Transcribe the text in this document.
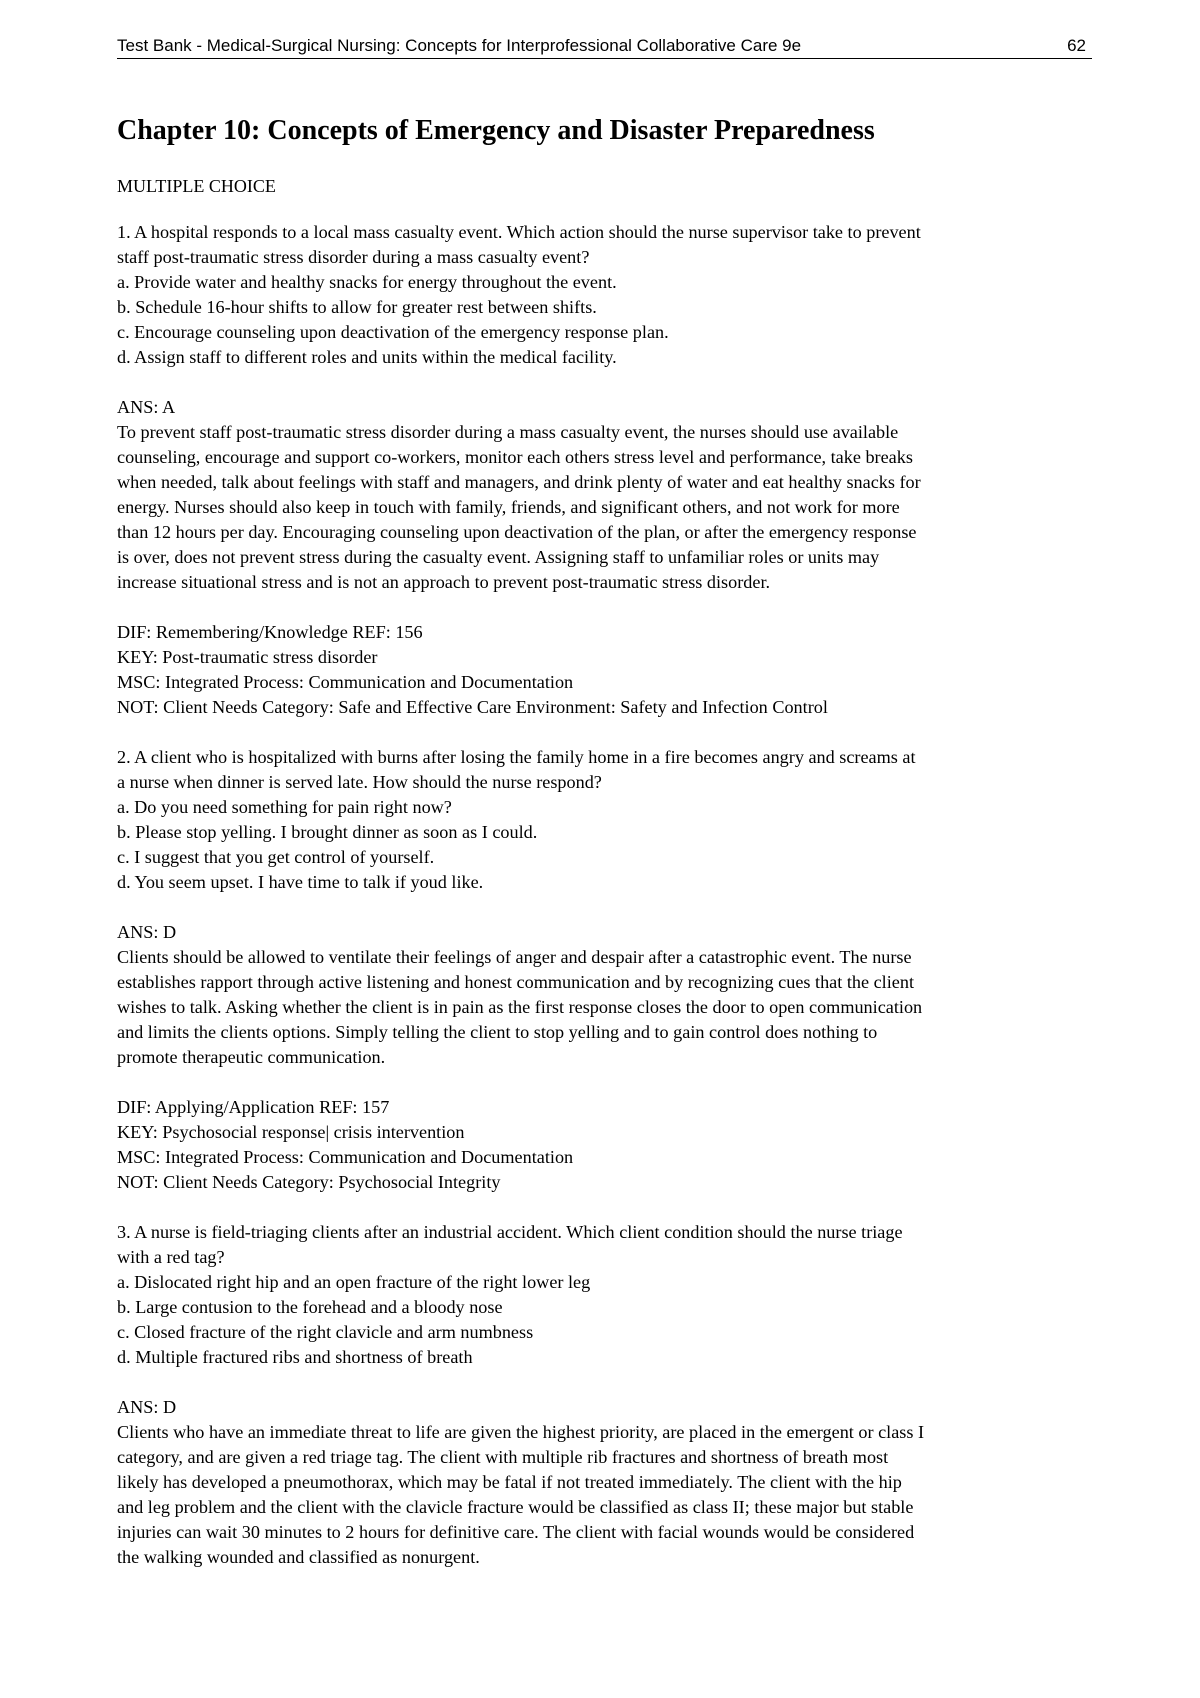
Test Bank - Medical-Surgical Nursing: Concepts for Interprofessional Collaborative Care 9e	62
Chapter 10: Concepts of Emergency and Disaster Preparedness
MULTIPLE CHOICE
1. A hospital responds to a local mass casualty event. Which action should the nurse supervisor take to prevent
staff post-traumatic stress disorder during a mass casualty event?
a. Provide water and healthy snacks for energy throughout the event.
b. Schedule 16-hour shifts to allow for greater rest between shifts.
c. Encourage counseling upon deactivation of the emergency response plan.
d. Assign staff to different roles and units within the medical facility.
ANS: A
To prevent staff post-traumatic stress disorder during a mass casualty event, the nurses should use available
counseling, encourage and support co-workers, monitor each others stress level and performance, take breaks
when needed, talk about feelings with staff and managers, and drink plenty of water and eat healthy snacks for
energy. Nurses should also keep in touch with family, friends, and significant others, and not work for more
than 12 hours per day. Encouraging counseling upon deactivation of the plan, or after the emergency response
is over, does not prevent stress during the casualty event. Assigning staff to unfamiliar roles or units may
increase situational stress and is not an approach to prevent post-traumatic stress disorder.
DIF: Remembering/Knowledge REF: 156
KEY: Post-traumatic stress disorder
MSC: Integrated Process: Communication and Documentation
NOT: Client Needs Category: Safe and Effective Care Environment: Safety and Infection Control
2. A client who is hospitalized with burns after losing the family home in a fire becomes angry and screams at
a nurse when dinner is served late. How should the nurse respond?
a. Do you need something for pain right now?
b. Please stop yelling. I brought dinner as soon as I could.
c. I suggest that you get control of yourself.
d. You seem upset. I have time to talk if youd like.
ANS: D
Clients should be allowed to ventilate their feelings of anger and despair after a catastrophic event. The nurse
establishes rapport through active listening and honest communication and by recognizing cues that the client
wishes to talk. Asking whether the client is in pain as the first response closes the door to open communication
and limits the clients options. Simply telling the client to stop yelling and to gain control does nothing to
promote therapeutic communication.
DIF: Applying/Application REF: 157
KEY: Psychosocial response| crisis intervention
MSC: Integrated Process: Communication and Documentation
NOT: Client Needs Category: Psychosocial Integrity
3. A nurse is field-triaging clients after an industrial accident. Which client condition should the nurse triage
with a red tag?
a. Dislocated right hip and an open fracture of the right lower leg
b. Large contusion to the forehead and a bloody nose
c. Closed fracture of the right clavicle and arm numbness
d. Multiple fractured ribs and shortness of breath
ANS: D
Clients who have an immediate threat to life are given the highest priority, are placed in the emergent or class I
category, and are given a red triage tag. The client with multiple rib fractures and shortness of breath most
likely has developed a pneumothorax, which may be fatal if not treated immediately. The client with the hip
and leg problem and the client with the clavicle fracture would be classified as class II; these major but stable
injuries can wait 30 minutes to 2 hours for definitive care. The client with facial wounds would be considered
the walking wounded and classified as nonurgent.
